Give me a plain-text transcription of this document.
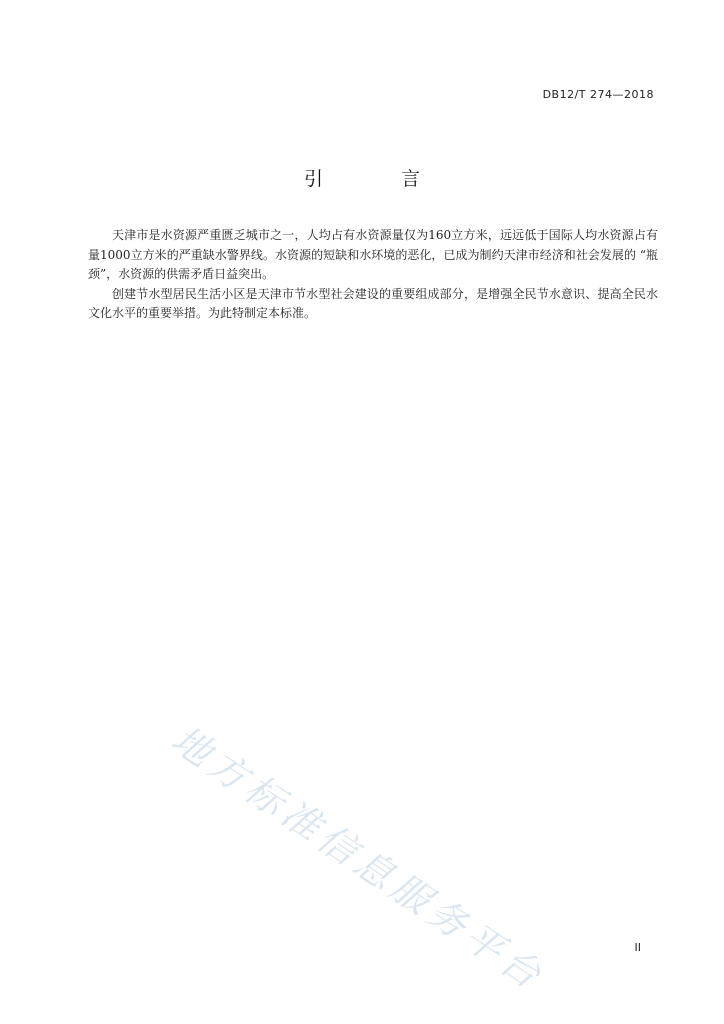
DB12/T 274—2018
引 言

天津市是水资源严重匮乏城市之一，人均占有水资源量仅为160立方米，远远低于国际人均水资源占有量1000立方米的严重缺水警界线。水资源的短缺和水环境的恶化，已成为制约天津市经济和社会发展的 “瓶颈”，水资源的供需矛盾日益突出。

创建节水型居民生活小区是天津市节水型社会建设的重要组成部分，是增强全民节水意识、提高全民水文化水平的重要举措。为此特制定本标准。

地方标准信息服务平台	II
